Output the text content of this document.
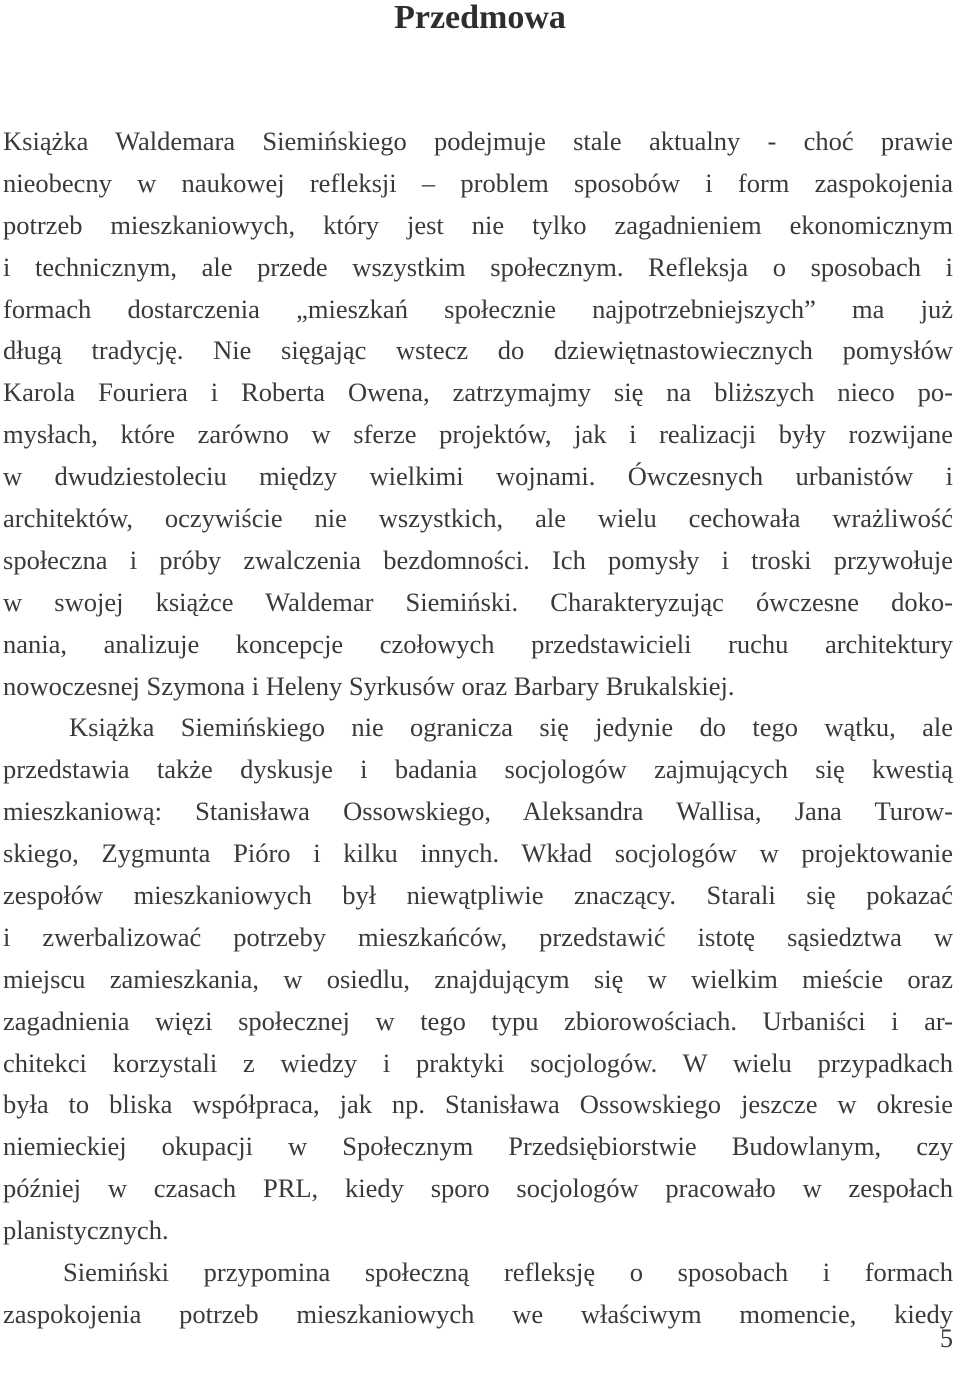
Przedmowa
Książka Waldemara Siemińskiego podejmuje stale aktualny - choć prawie
nieobecny w naukowej refleksji – problem sposobów i form zaspokojenia
potrzeb mieszkaniowych, który jest nie tylko zagadnieniem ekonomicznym
i technicznym, ale przede wszystkim społecznym. Refleksja o sposobach i
formach dostarczenia „mieszkań społecznie najpotrzebniejszych” ma już
długą tradycję. Nie sięgając wstecz do dziewiętnastowiecznych pomysłów
Karola Fouriera i Roberta Owena, zatrzymajmy się na bliższych nieco po-
mysłach, które zarówno w sferze projektów, jak i realizacji były rozwijane
w dwudziestoleciu między wielkimi wojnami. Ówczesnych urbanistów i
architektów, oczywiście nie wszystkich, ale wielu cechowała wrażliwość
społeczna i próby zwalczenia bezdomności. Ich pomysły i troski przywołuje
w swojej książce Waldemar Siemiński. Charakteryzując ówczesne doko-
nania, analizuje koncepcje czołowych przedstawicieli ruchu architektury
nowoczesnej Szymona i Heleny Syrkusów oraz Barbary Brukalskiej.
Książka Siemińskiego nie ogranicza się jedynie do tego wątku, ale
przedstawia także dyskusje i badania socjologów zajmujących się kwestią
mieszkaniową: Stanisława Ossowskiego, Aleksandra Wallisa, Jana Turow-
skiego, Zygmunta Pióro i kilku innych. Wkład socjologów w projektowanie
zespołów mieszkaniowych był niewątpliwie znaczący. Starali się pokazać
i zwerbalizować potrzeby mieszkańców, przedstawić istotę sąsiedztwa w
miejscu zamieszkania, w osiedlu, znajdującym się w wielkim mieście oraz
zagadnienia więzi społecznej w tego typu zbiorowościach. Urbaniści i ar-
chitekci korzystali z wiedzy i praktyki socjologów. W wielu przypadkach
była to bliska współpraca, jak np. Stanisława Ossowskiego jeszcze w okresie
niemieckiej okupacji w Społecznym Przedsiębiorstwie Budowlanym, czy
później w czasach PRL, kiedy sporo socjologów pracowało w zespołach
planistycznych.
Siemiński przypomina społeczną refleksję o sposobach i formach
zaspokojenia potrzeb mieszkaniowych we właściwym momencie, kiedy
5
